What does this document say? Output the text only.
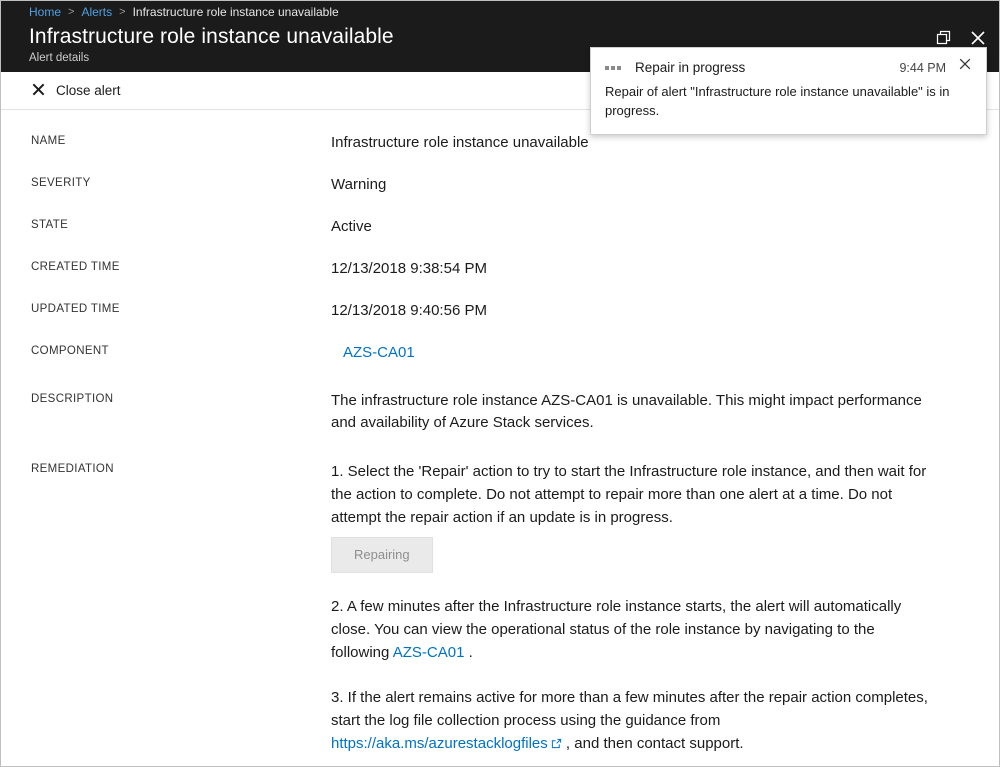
Home > Alerts > Infrastructure role instance unavailable
Infrastructure role instance unavailable
Alert details
Close alert
NAME	Infrastructure role instance unavailable
SEVERITY	Warning
STATE	Active
CREATED TIME	12/13/2018 9:38:54 PM
UPDATED TIME	12/13/2018 9:40:56 PM
COMPONENT	AZS-CA01
DESCRIPTION	The infrastructure role instance AZS-CA01 is unavailable. This might impact performance and availability of Azure Stack services.
REMEDIATION	1. Select the 'Repair' action to try to start the Infrastructure role instance, and then wait for the action to complete. Do not attempt to repair more than one alert at a time. Do not attempt the repair action if an update is in progress.

Repairing

2. A few minutes after the Infrastructure role instance starts, the alert will automatically close. You can view the operational status of the role instance by navigating to the following AZS-CA01 .

3. If the alert remains active for more than a few minutes after the repair action completes, start the log file collection process using the guidance from https://aka.ms/azurestacklogfiles , and then contact support.

Repair in progress	9:44 PM
Repair of alert "Infrastructure role instance unavailable" is in progress.
